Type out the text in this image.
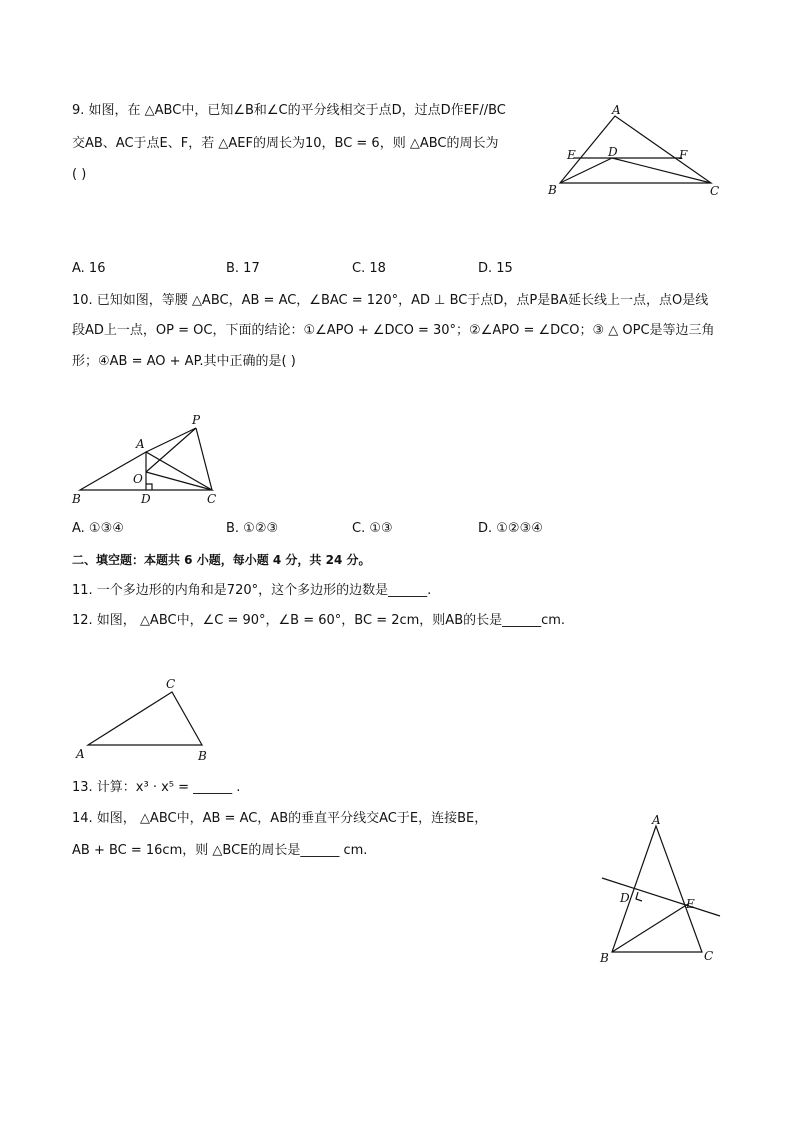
9. 如图，在 △ABC中，已知∠B和∠C的平分线相交于点D，过点D作EF//BC
交AB、AC于点E、F，若 △AEF的周长为10，BC = 6，则 △ABC的周长为
( )
A
B	C
D
E	F
A. 16	B. 17	C. 18	D. 15
10. 已知如图，等腰 △ABC，AB = AC，∠BAC = 120°，AD ⊥ BC于点D，点P是BA延长线上一点，点O是线
段AD上一点，OP = OC，下面的结论：①∠APO + ∠DCO = 30°；②∠APO = ∠DCO；③ △ OPC是等边三角
形；④AB = AO + AP.其中正确的是( )
P
A
O
B	D	C
A. ①③④	B. ①②③	C. ①③	D. ①②③④
二、填空题：本题共 6 小题，每小题 4 分，共 24 分。
11. 一个多边形的内角和是720°，这个多边形的边数是______.
12. 如图， △ABC中，∠C = 90°，∠B = 60°，BC = 2cm，则AB的长是______cm.
C
A	B
13. 计算：x³ · x⁵ = ______ .
14. 如图， △ABC中，AB = AC，AB的垂直平分线交AC于E，连接BE，
AB + BC = 16cm，则 △BCE的周长是______ cm.
A
D	E
B	C
